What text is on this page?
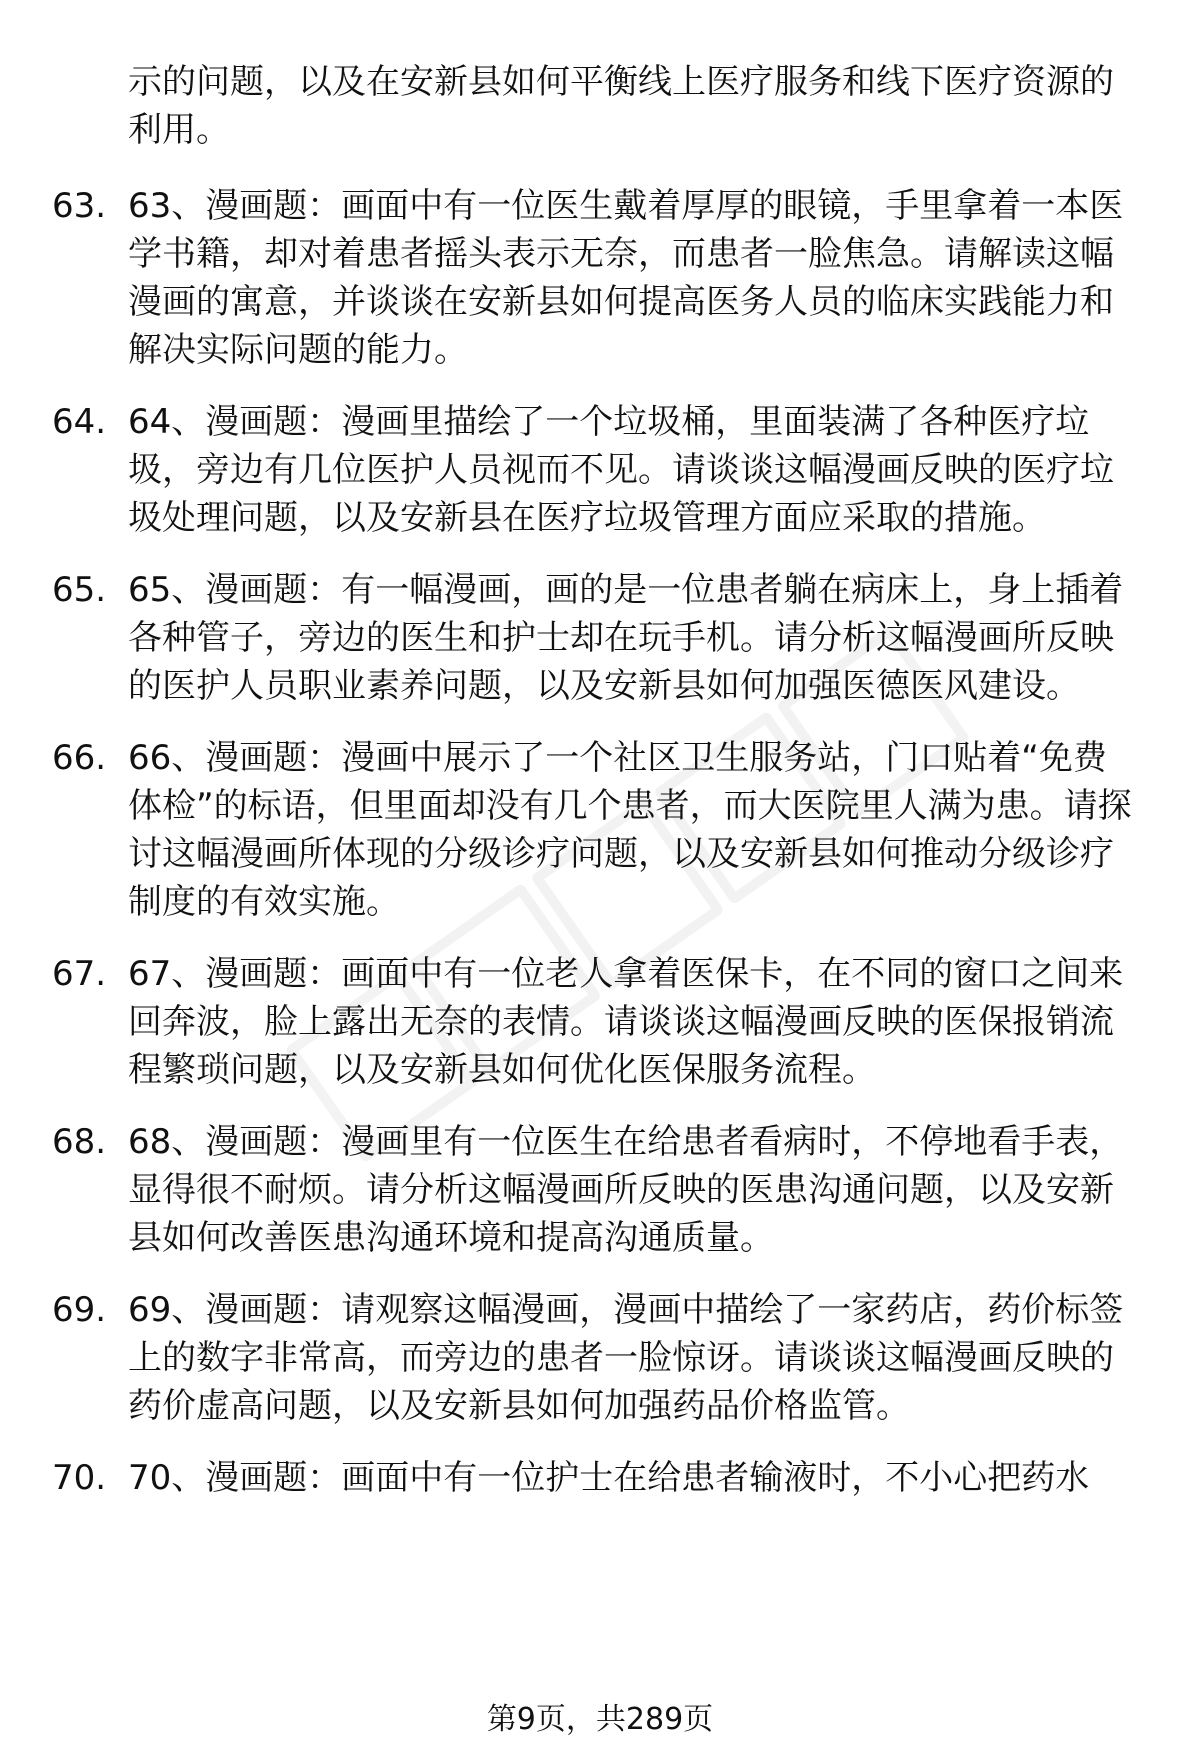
示的问题，以及在安新县如何平衡线上医疗服务和线下医疗资源的利用。

63. 63、漫画题：画面中有一位医生戴着厚厚的眼镜，手里拿着一本医学书籍，却对着患者摇头表示无奈，而患者一脸焦急。请解读这幅漫画的寓意，并谈谈在安新县如何提高医务人员的临床实践能力和解决实际问题的能力。

64. 64、漫画题：漫画里描绘了一个垃圾桶，里面装满了各种医疗垃圾，旁边有几位医护人员视而不见。请谈谈这幅漫画反映的医疗垃圾处理问题，以及安新县在医疗垃圾管理方面应采取的措施。

65. 65、漫画题：有一幅漫画，画的是一位患者躺在病床上，身上插着各种管子，旁边的医生和护士却在玩手机。请分析这幅漫画所反映的医护人员职业素养问题，以及安新县如何加强医德医风建设。

66. 66、漫画题：漫画中展示了一个社区卫生服务站，门口贴着“免费体检”的标语，但里面却没有几个患者，而大医院里人满为患。请探讨这幅漫画所体现的分级诊疗问题，以及安新县如何推动分级诊疗制度的有效实施。

67. 67、漫画题：画面中有一位老人拿着医保卡，在不同的窗口之间来回奔波，脸上露出无奈的表情。请谈谈这幅漫画反映的医保报销流程繁琐问题，以及安新县如何优化医保服务流程。

68. 68、漫画题：漫画里有一位医生在给患者看病时，不停地看手表，显得很不耐烦。请分析这幅漫画所反映的医患沟通问题，以及安新县如何改善医患沟通环境和提高沟通质量。

69. 69、漫画题：请观察这幅漫画，漫画中描绘了一家药店，药价标签上的数字非常高，而旁边的患者一脸惊讶。请谈谈这幅漫画反映的药价虚高问题，以及安新县如何加强药品价格监管。

70. 70、漫画题：画面中有一位护士在给患者输液时，不小心把药水

第9页，共289页
